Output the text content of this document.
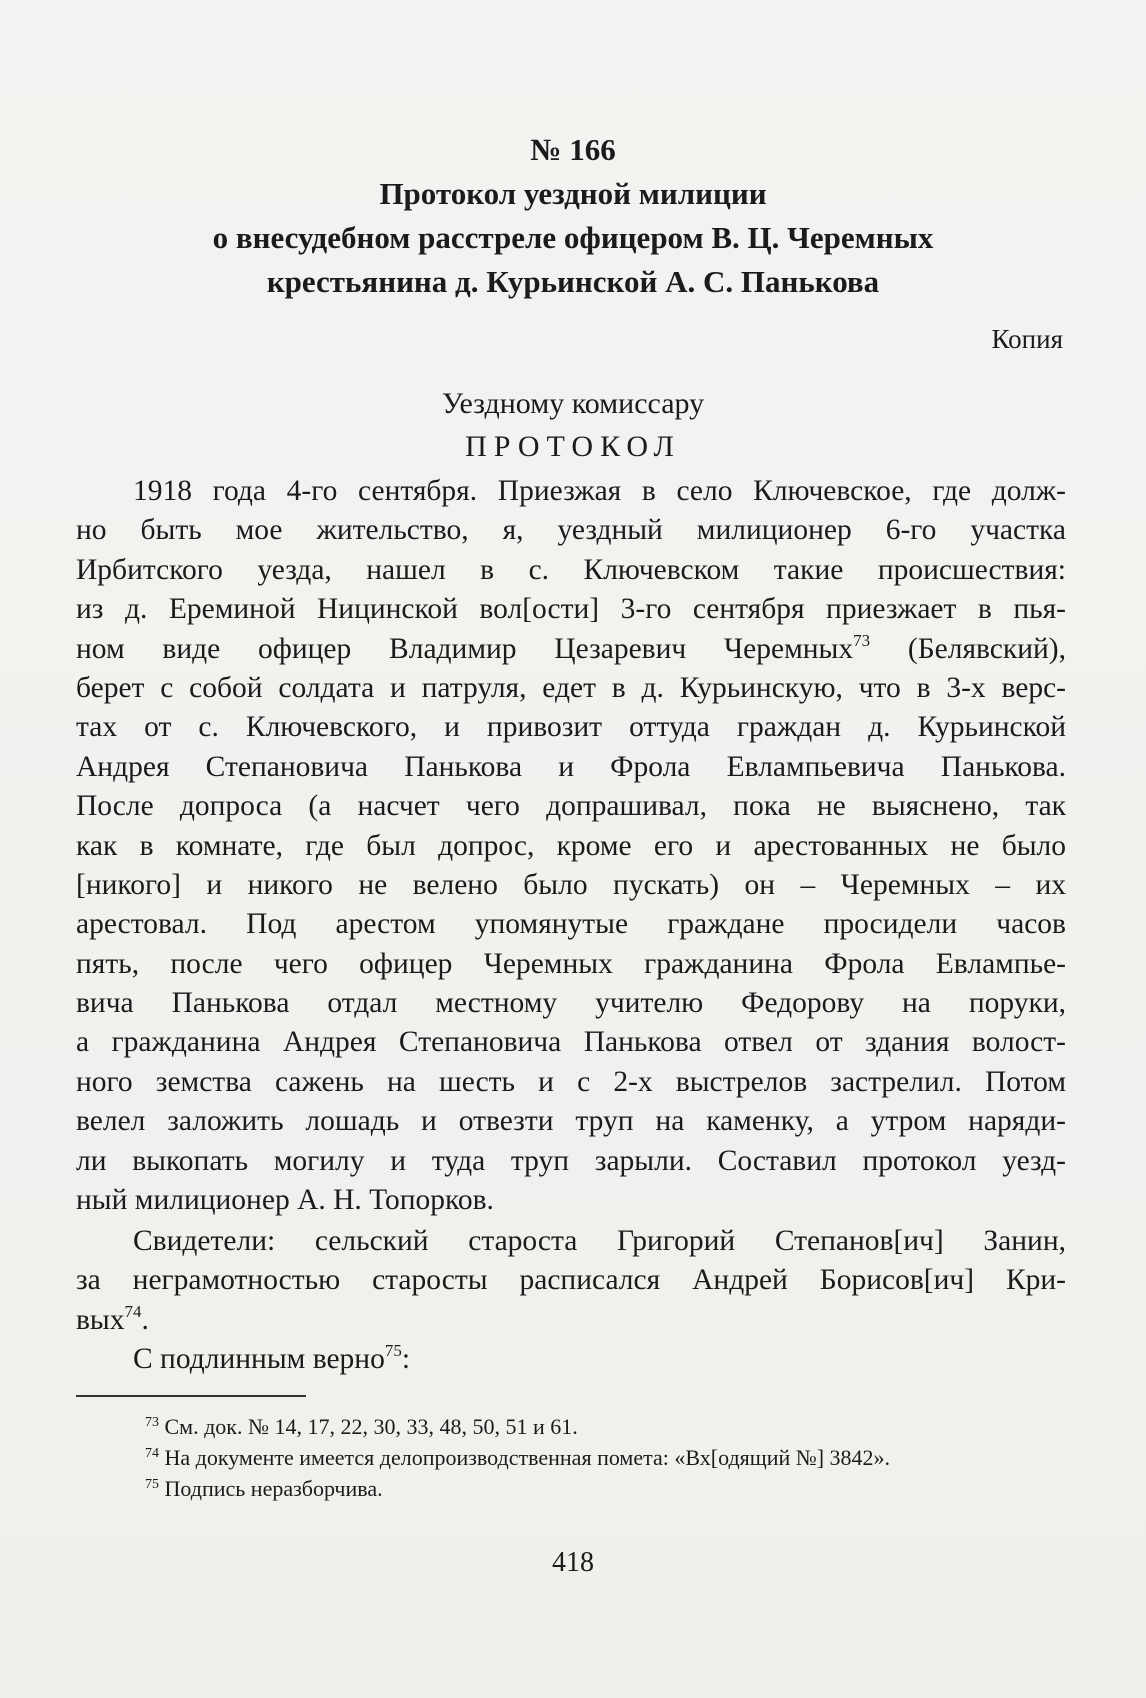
№ 166
Протокол уездной милиции
о внесудебном расстреле офицером В. Ц. Черемных
крестьянина д. Курьинской А. С. Панькова
Копия
Уездному комиссару
ПРОТОКОЛ
1918 года 4-го сентября. Приезжая в село Ключевское, где долж-
но быть мое жительство, я, уездный милиционер 6-го участка
Ирбитского уезда, нашел в с. Ключевском такие происшествия:
из д. Ереминой Ницинской вол[ости] 3-го сентября приезжает в пья-
ном виде офицер Владимир Цезаревич Черемных$^{73}$ (Белявский),
берет с собой солдата и патруля, едет в д. Курьинскую, что в 3-х верс-
тах от с. Ключевского, и привозит оттуда граждан д. Курьинской
Андрея Степановича Панькова и Фрола Евлампьевича Панькова.
После допроса (а насчет чего допрашивал, пока не выяснено, так
как в комнате, где был допрос, кроме его и арестованных не было
[никого] и никого не велено было пускать) он – Черемных – их
арестовал. Под арестом упомянутые граждане просидели часов
пять, после чего офицер Черемных гражданина Фрола Евлампье-
вича Панькова отдал местному учителю Федорову на поруки,
а гражданина Андрея Степановича Панькова отвел от здания волост-
ного земства сажень на шесть и с 2-х выстрелов застрелил. Потом
велел заложить лошадь и отвезти труп на каменку, а утром наряди-
ли выкопать могилу и туда труп зарыли. Составил протокол уезд-
ный милиционер А. Н. Топорков.
Свидетели: сельский староста Григорий Степанов[ич] Занин,
за неграмотностью старосты расписался Андрей Борисов[ич] Кри-
вых$^{74}$.
С подлинным верно$^{75}$:
$^{73}$ См. док. № 14, 17, 22, 30, 33, 48, 50, 51 и 61.
$^{74}$ На документе имеется делопроизводственная помета: «Вх[одящий №] 3842».
$^{75}$ Подпись неразборчива.
418
